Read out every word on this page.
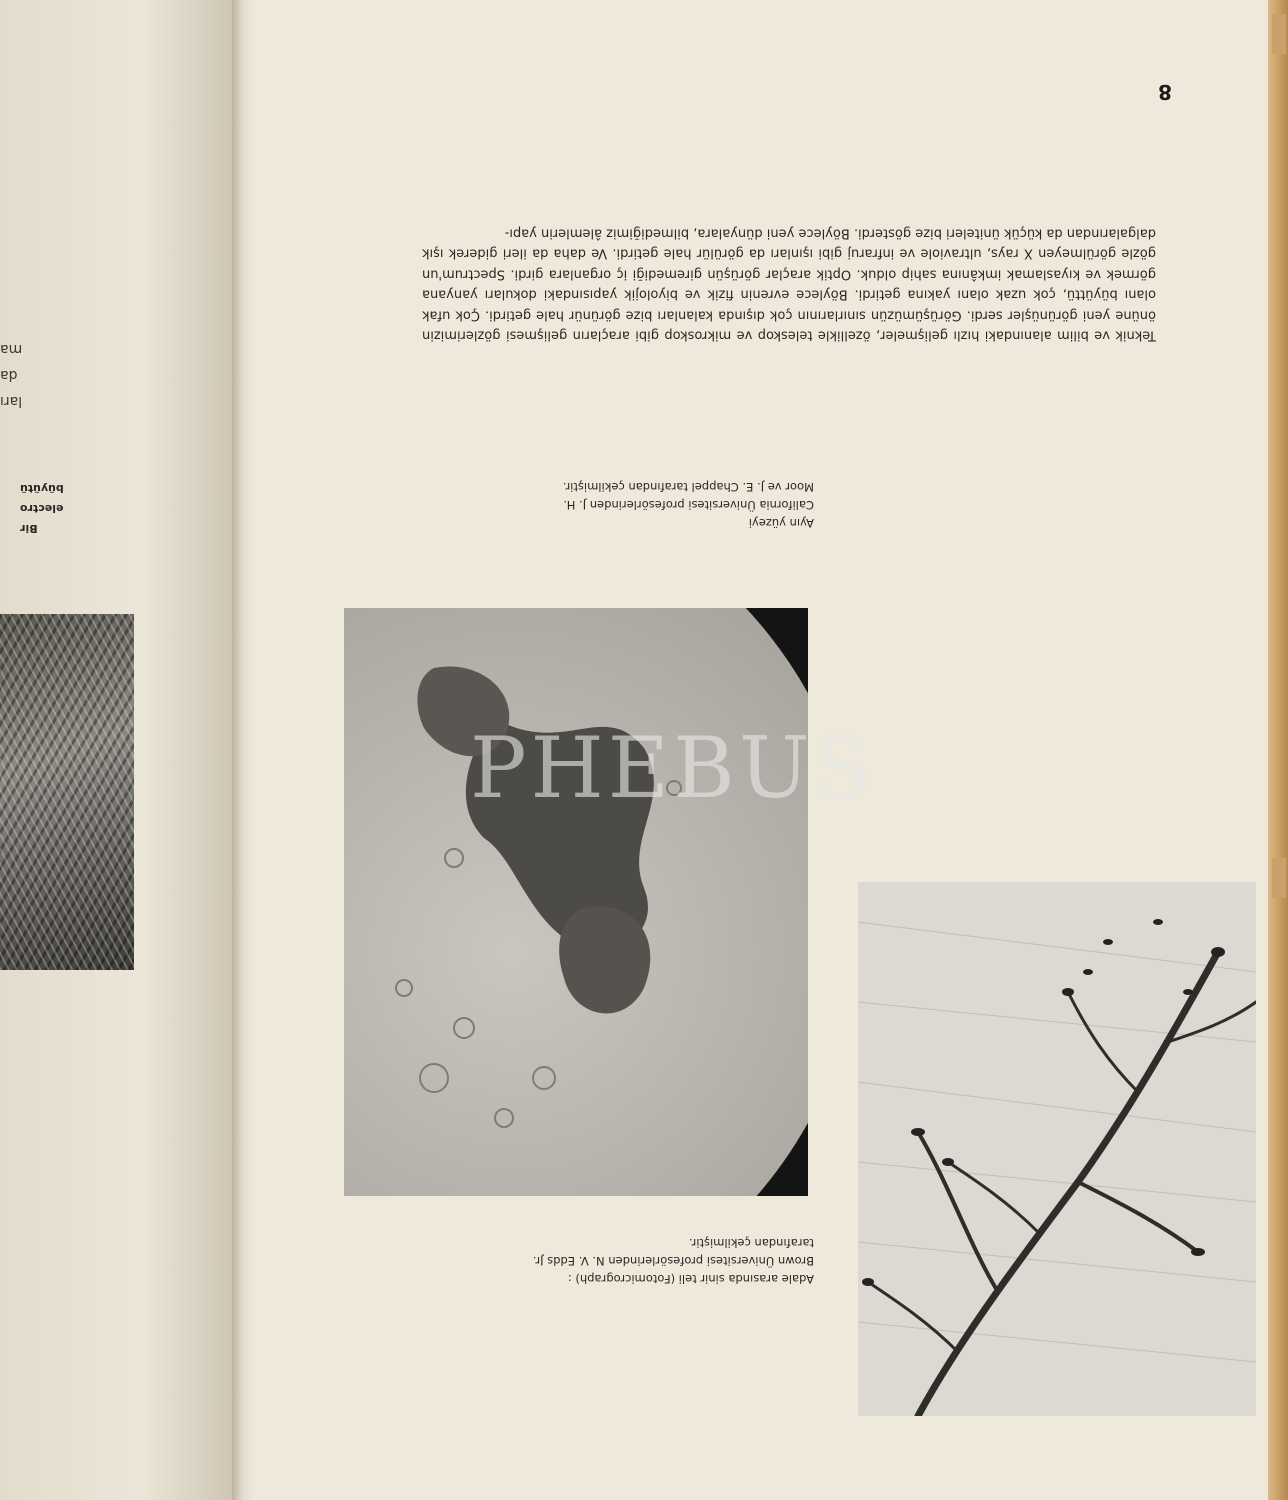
Bir
electro
büyütü
ları
da
ma
8
Teknik ve bilim alanındaki hızlı gelişmeler, özellikle teleskop ve mikroskop gibi araçların gelişmesi gözlerimizin önüne yeni görünüşler serdi. Görüşümüzün sınırlarının çok dışında kalanları bize görünür hale getirdi. Çok ufak olanı büyüttü, çok uzak olanı yakına getirdi. Böylece evrenin fizik ve biyolojik yapısındaki dokuları yanyana görmek ve kıyaslamak imkânına sahip olduk. Optik araçlar görüşün giremediği iç organlara girdi. Spectrum'un gözle görülmeyen X rays, ultraviole ve infraruj gibi ışınları da görülür hale getirdi. Ve daha da ileri giderek ışık dalgalarından da küçük üniteleri bize gösterdi. Böylece yeni dünyalara, bilmediğimiz âlemlerin yapı-
Ayın yüzeyi
California Üniversitesi profesörlerinden J. H. Moor ve J. E. Chappel tarafından çekilmiştir.
PHEBUS
Adale arasında sinir teli (Fotomicrograph) :
Brown Üniversitesi profesörlerinden N. V. Edds Jr. tarafından çekilmiştir.
